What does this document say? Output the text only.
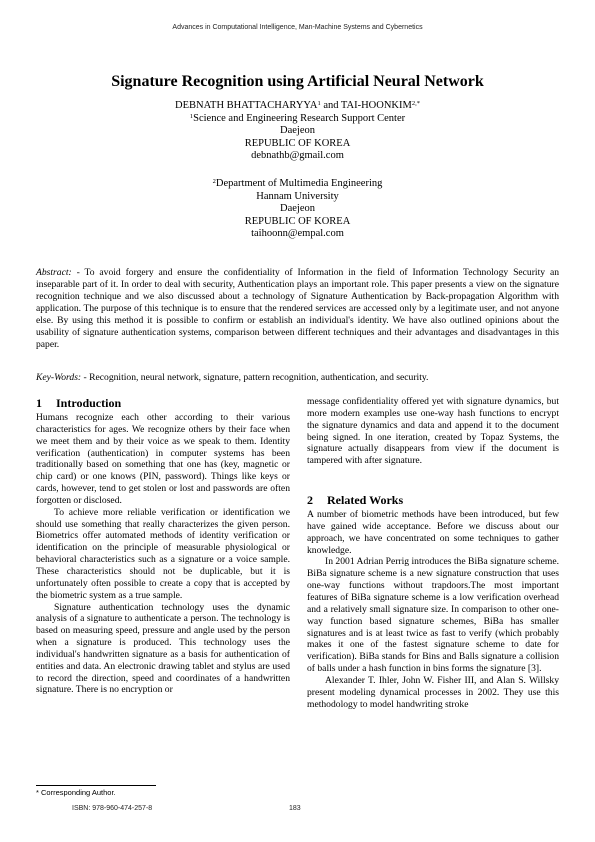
Advances in Computational Intelligence, Man-Machine Systems and Cybernetics
Signature Recognition using Artificial Neural Network
DEBNATH BHATTACHARYYA$^1$ and TAI-$HOONKIM^{2,*}$
$^1$Science and Engineering Research Support Center
Daejeon
REPUBLIC OF KOREA
debnathb@gmail.com
$^2$Department of Multimedia Engineering
Hannam University
Daejeon
REPUBLIC OF KOREA
taihoonn@empal.com
Abstract: - To avoid forgery and ensure the confidentiality of Information in the field of Information Technology Security an inseparable part of it. In order to deal with security, Authentication plays an important role. This paper presents a view on the signature recognition technique and we also discussed about a technology of Signature Authentication by Back-propagation Algorithm with application. The purpose of this technique is to ensure that the rendered services are accessed only by a legitimate user, and not anyone else. By using this method it is possible to confirm or establish an individual's identity. We have also outlined opinions about the usability of signature authentication systems, comparison between different techniques and their advantages and disadvantages in this paper.
Key-Words: - Recognition, neural network, signature, pattern recognition, authentication, and security.
1 Introduction

Humans recognize each other according to their various characteristics for ages. We recognize others by their face when we meet them and by their voice as we speak to them. Identity verification (authentication) in computer systems has been traditionally based on something that one has (key, magnetic or chip card) or one knows (PIN, password). Things like keys or cards, however, tend to get stolen or lost and passwords are often forgotten or disclosed.

To achieve more reliable verification or identification we should use something that really characterizes the given person. Biometrics offer automated methods of identity verification or identification on the principle of measurable physiological or behavioral characteristics such as a signature or a voice sample. These characteristics should not be duplicable, but it is unfortunately often possible to create a copy that is accepted by the biometric system as a true sample.

Signature authentication technology uses the dynamic analysis of a signature to authenticate a person. The technology is based on measuring speed, pressure and angle used by the person when a signature is produced. This technology uses the individual's handwritten signature as a basis for authentication of entities and data. An electronic drawing tablet and stylus are used to record the direction, speed and coordinates of a handwritten signature. There is no encryption or

message confidentiality offered yet with signature dynamics, but more modern examples use one-way hash functions to encrypt the signature dynamics and data and append it to the document being signed. In one iteration, created by Topaz Systems, the signature actually disappears from view if the document is tampered with after signature.

2 Related Works

A number of biometric methods have been introduced, but few have gained wide acceptance. Before we discuss about our approach, we have concentrated on some techniques to gather knowledge.

In 2001 Adrian Perrig introduces the BiBa signature scheme. BiBa signature scheme is a new signature construction that uses one-way functions without trapdoors.The most important features of BiBa signature scheme is a low verification overhead and a relatively small signature size. In comparison to other one-way function based signature schemes, BiBa has smaller signatures and is at least twice as fast to verify (which probably makes it one of the fastest signature scheme to date for verification). BiBa stands for Bins and Balls signature a collision of balls under a hash function in bins forms the signature [3].

Alexander T. Ihler, John W. Fisher III, and Alan S. Willsky present modeling dynamical processes in 2002. They use this methodology to model handwriting stroke

* Corresponding Author.
ISBN: 978-960-474-257-8	183
